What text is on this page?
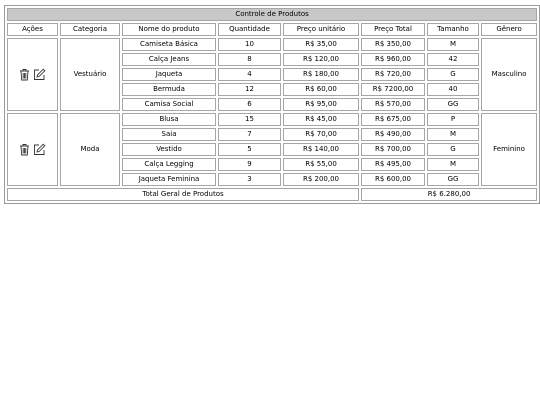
Controle de Produtos							
Ações	Categoria	Nome do produto	Quantidade	Preço unitário	Preço Total	Tamanho	Gênero

	Vestuário	Camiseta Básica	10	R$ 35,00	R$ 350,00	M	Masculino
		Calça Jeans	8	R$ 120,00	R$ 960,00	42	
		Jaqueta	4	R$ 180,00	R$ 720,00	G	
		Bermuda	12	R$ 60,00	R$ 7200,00	40	
		Camisa Social	6	R$ 95,00	R$ 570,00	GG	

	Moda	Blusa	15	R$ 45,00	R$ 675,00	P	Feminino
		Saia	7	R$ 70,00	R$ 490,00	M	
		Vestido	5	R$ 140,00	R$ 700,00	G	
		Calça Legging	9	R$ 55,00	R$ 495,00	M	
		Jaqueta Feminina	3	R$ 200,00	R$ 600,00	GG	
Total Geral de Produtos					R$ 6.280,00		
